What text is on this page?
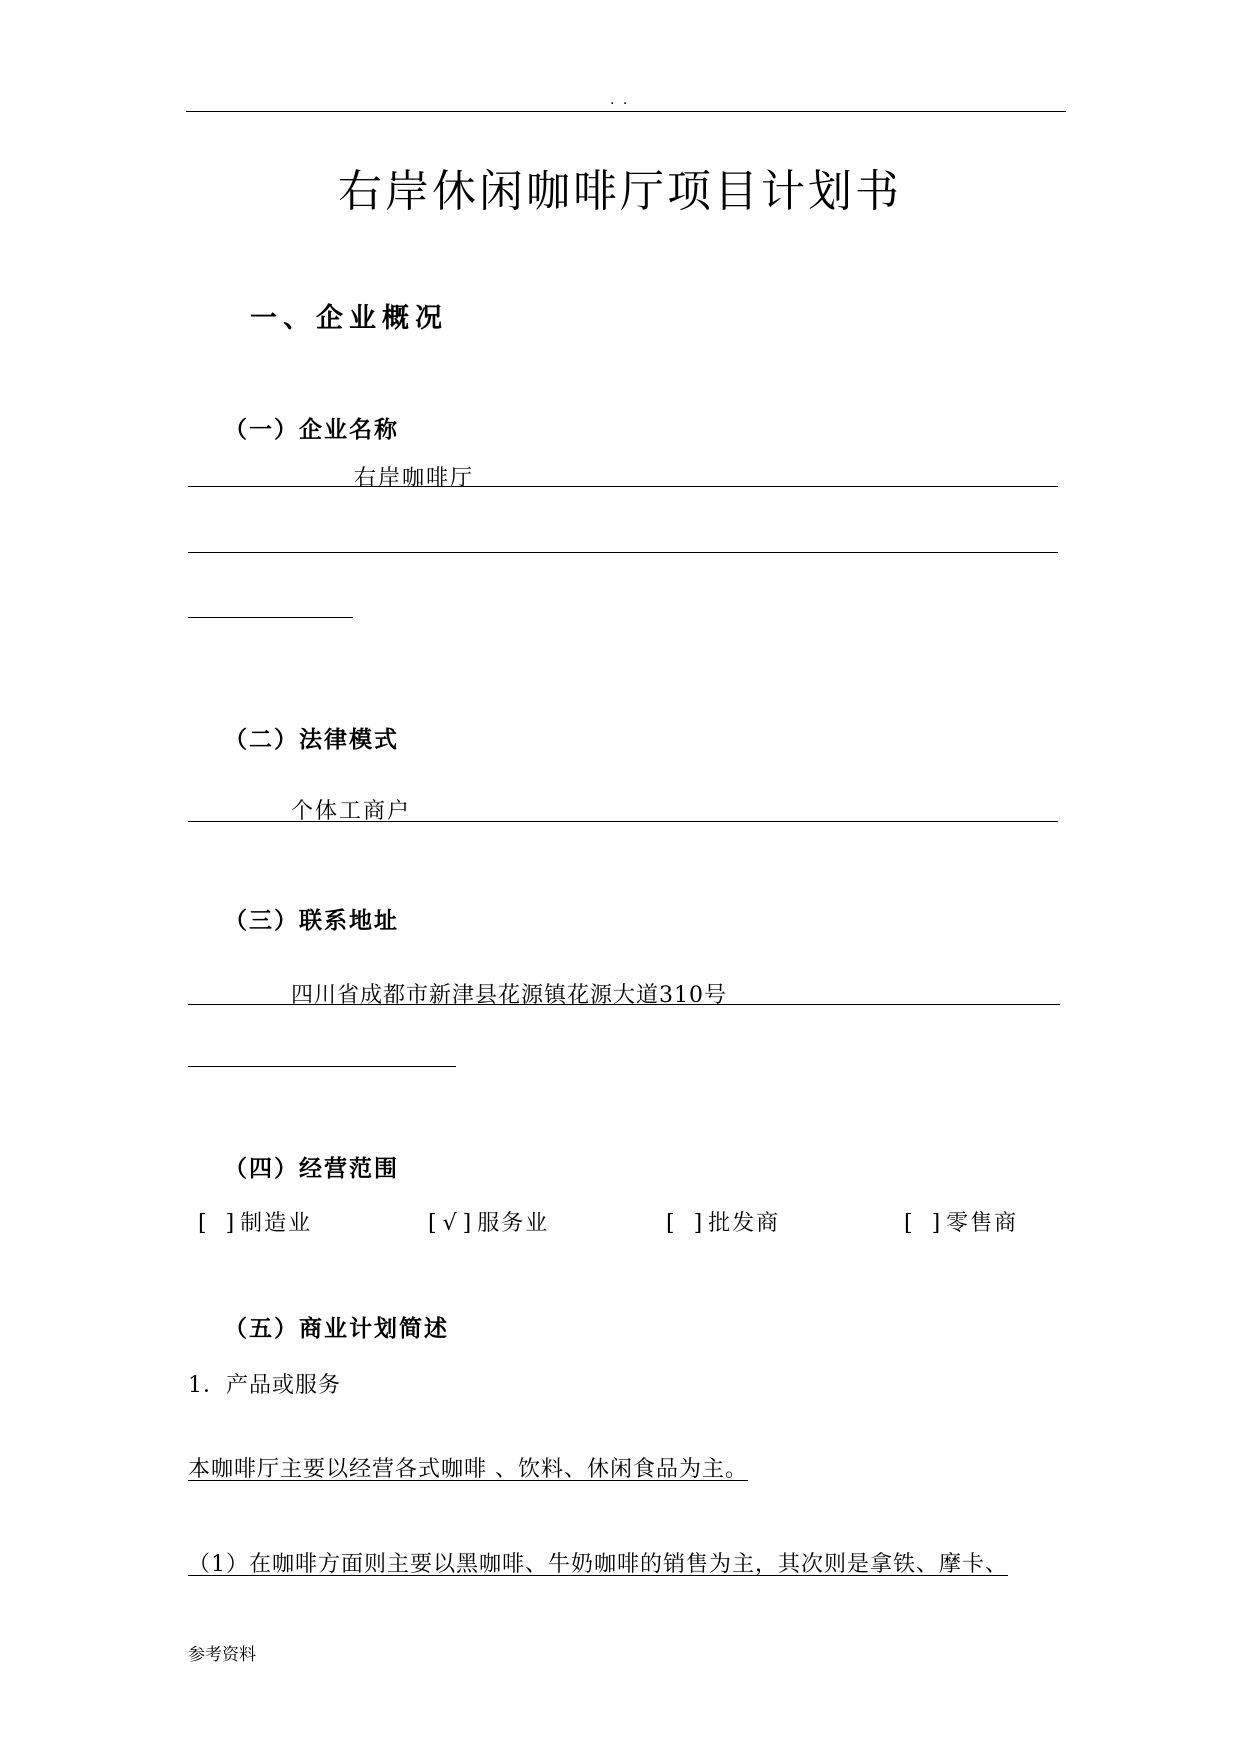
. .
右岸休闲咖啡厅项目计划书
一、企业概况
（一）企业名称
右岸咖啡厅
（二）法律模式
个体工商户
（三）联系地址
四川省成都市新津县花源镇花源大道310号
（四）经营范围
[ ]制造业	[√]服务业	[ ]批发商	[ ]零售商
（五）商业计划简述
1．产品或服务
本咖啡厅主要以经营各式咖啡 、饮料、休闲食品为主。
（1）在咖啡方面则主要以黑咖啡、牛奶咖啡的销售为主，其次则是拿铁、摩卡、
参考资料
